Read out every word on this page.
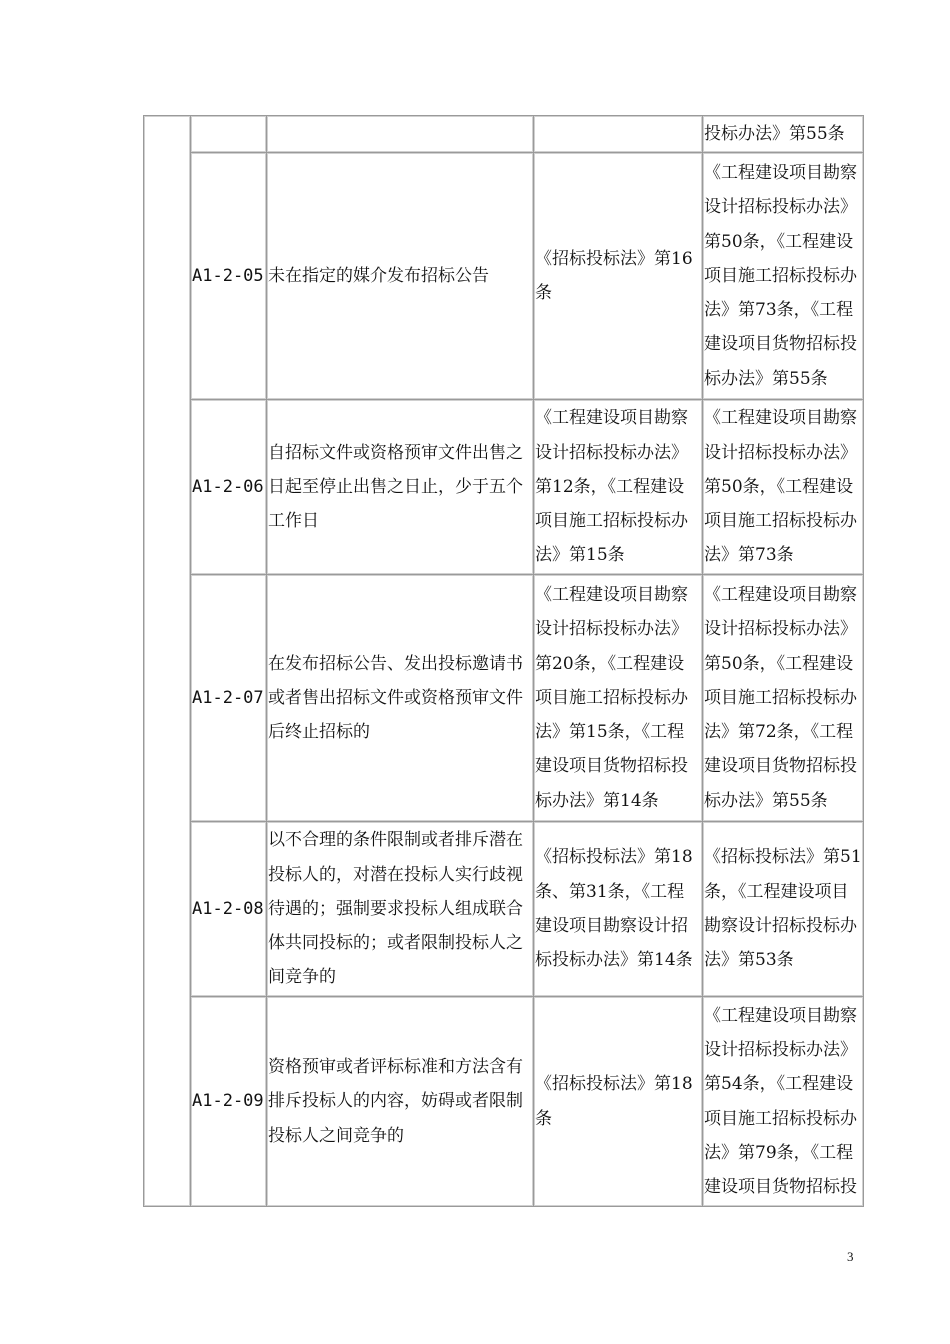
				投标办法》第55条
	A1-2-05	未在指定的媒介发布招标公告	《招标投标法》第16条	《工程建设项目勘察设计招标投标办法》第50条，《工程建设项目施工招标投标办法》第73条，《工程建设项目货物招标投标办法》第55条
	A1-2-06	自招标文件或资格预审文件出售之日起至停止出售之日止，少于五个工作日	《工程建设项目勘察设计招标投标办法》第12条，《工程建设项目施工招标投标办法》第15条	《工程建设项目勘察设计招标投标办法》第50条，《工程建设项目施工招标投标办法》第73条
	A1-2-07	在发布招标公告、发出投标邀请书或者售出招标文件或资格预审文件后终止招标的	《工程建设项目勘察设计招标投标办法》第20条，《工程建设项目施工招标投标办法》第15条，《工程建设项目货物招标投标办法》第14条	《工程建设项目勘察设计招标投标办法》第50条，《工程建设项目施工招标投标办法》第72条，《工程建设项目货物招标投标办法》第55条
	A1-2-08	以不合理的条件限制或者排斥潜在投标人的，对潜在投标人实行歧视待遇的；强制要求投标人组成联合体共同投标的；或者限制投标人之间竞争的	《招标投标法》第18条、第31条，《工程建设项目勘察设计招标投标办法》第14条	《招标投标法》第51条，《工程建设项目勘察设计招标投标办法》第53条
	A1-2-09	资格预审或者评标标准和方法含有排斥投标人的内容，妨碍或者限制投标人之间竞争的	《招标投标法》第18条	《工程建设项目勘察设计招标投标办法》第54条，《工程建设项目施工招标投标办法》第79条，《工程建设项目货物招标投
3
